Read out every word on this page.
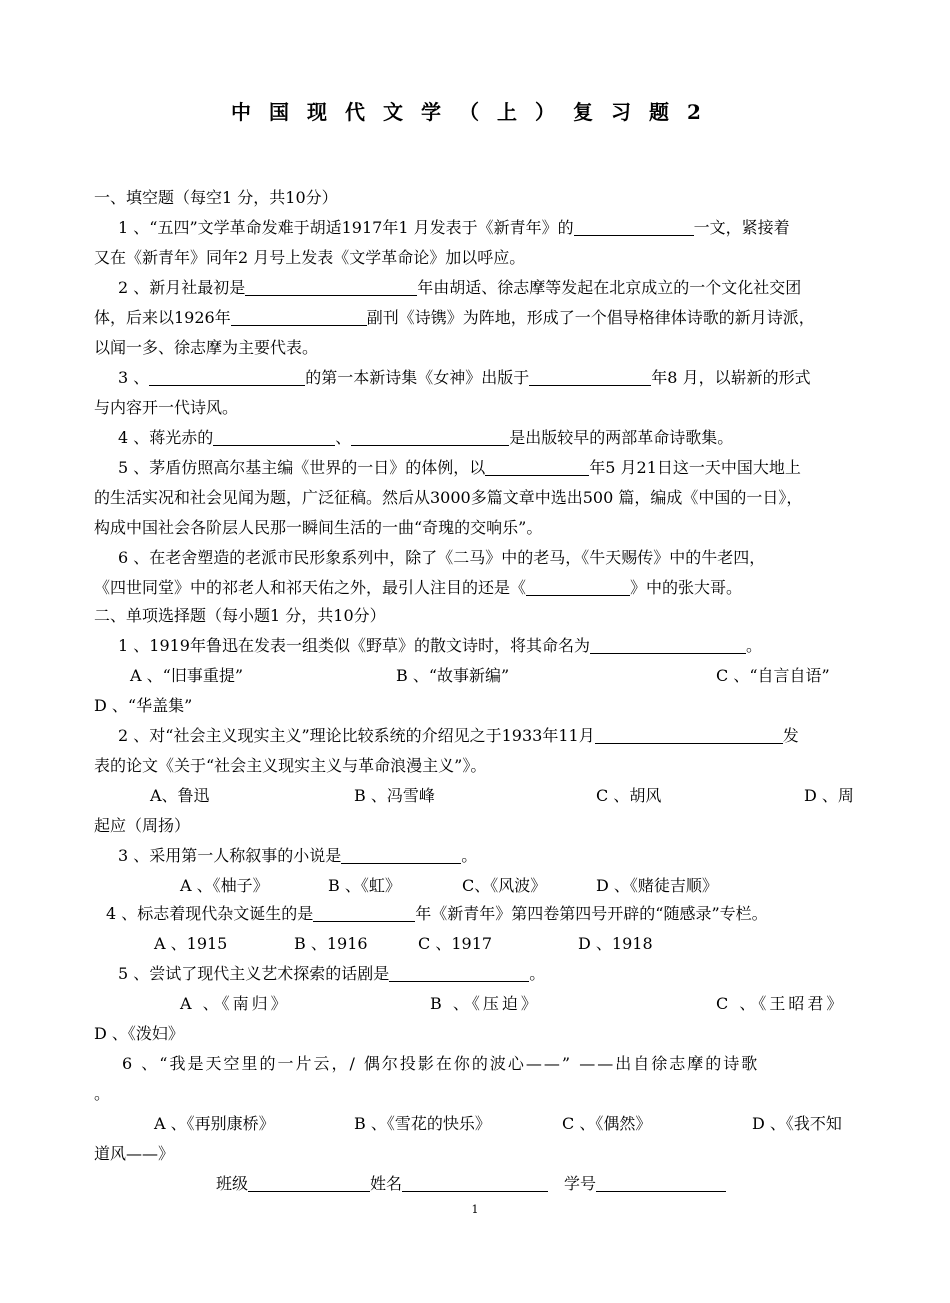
中国现代文学（上）复习题2
一、填空题（每空1 分，共10分）
  1 、“五四”文学革命发难于胡适1917年1 月发表于《新青年》的	一文，紧接着
又在《新青年》同年2 月号上发表《文学革命论》加以呼应。
  2 、新月社最初是	年由胡适、徐志摩等发起在北京成立的一个文化社交团
体，后来以1926年	副刊《诗镌》为阵地，形成了一个倡导格律体诗歌的新月诗派，
以闻一多、徐志摩为主要代表。
  3 、	的第一本新诗集《女神》出版于	年8 月，以崭新的形式
与内容开一代诗风。
  4 、蒋光赤的	、	是出版较早的两部革命诗歌集。
  5 、茅盾仿照高尔基主编《世界的一日》的体例，以	年5 月21日这一天中国大地上
的生活实况和社会见闻为题，广泛征稿。然后从3000多篇文章中选出500 篇，编成《中国的一日》，
构成中国社会各阶层人民那一瞬间生活的一曲“奇瑰的交响乐”。
  6 、在老舍塑造的老派市民形象系列中，除了《二马》中的老马，《牛天赐传》中的牛老四，
《四世同堂》中的祁老人和祁天佑之外，最引人注目的还是《	》中的张大哥。
二、单项选择题（每小题1 分，共10分）
  1 、1919年鲁迅在发表一组类似《野草》的散文诗时，将其命名为	。
A 、“旧事重提”	B 、“故事新编”	C 、“自言自语”
D 、“华盖集”
  2 、对“社会主义现实主义”理论比较系统的介绍见之于1933年11月	发
表的论文《关于“社会主义现实主义与革命浪漫主义”》。
A、鲁迅	B 、冯雪峰	C 、胡风	D 、周
起应（周扬）
  3 、采用第一人称叙事的小说是	。
A 、《柚子》	B 、《虹》	C、《风波》	D 、《赌徒吉顺》
4 、标志着现代杂文诞生的是	年《新青年》第四卷第四号开辟的“随感录”专栏。
A 、1915	B 、1916	C 、1917	D 、1918
  5 、尝试了现代主义艺术探索的话剧是	。
A 、《南归》	B 、《压迫》	C 、《王昭君》
D 、《泼妇》
  6 、“我是天空里的一片云，/ 偶尔投影在你的波心——” ——出自徐志摩的诗歌
。
A 、《再别康桥》	B 、《雪花的快乐》	C 、《偶然》	D 、《我不知
道风——》
班级	姓名  	学号
1
